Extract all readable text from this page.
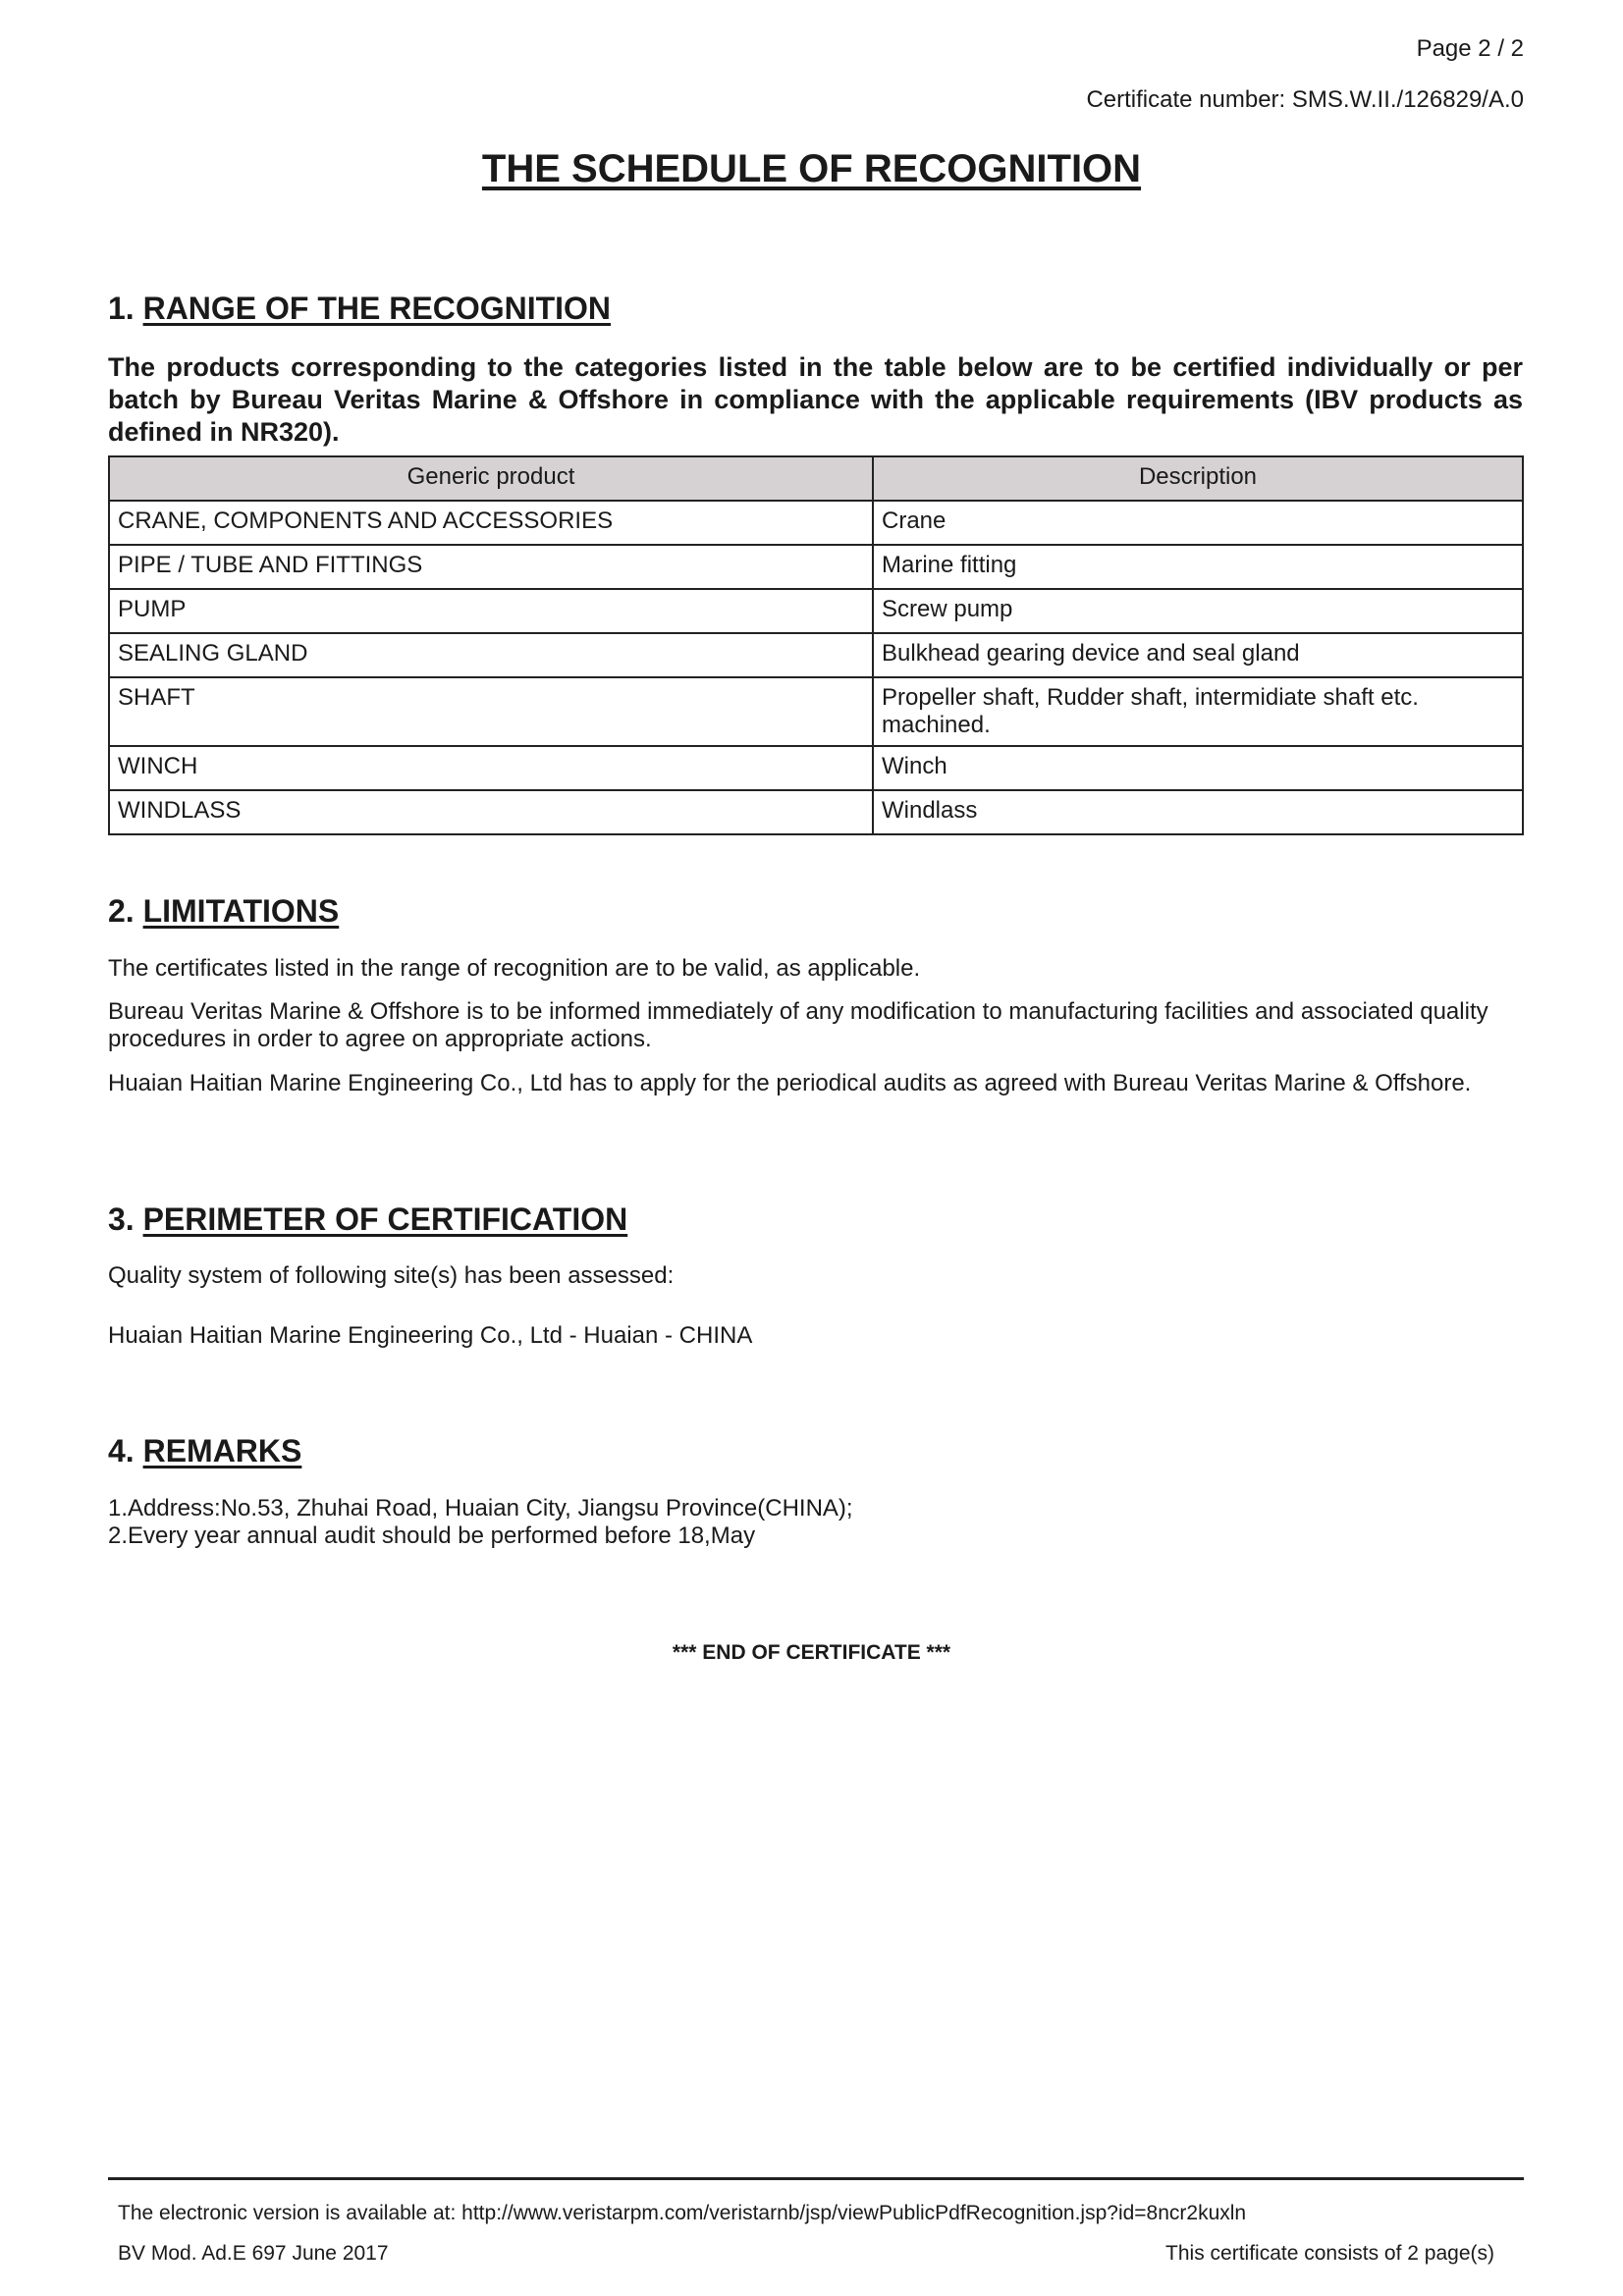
Page 2 / 2
Certificate number: SMS.W.II./126829/A.0
THE SCHEDULE OF RECOGNITION
1. RANGE OF THE RECOGNITION
The products corresponding to the categories listed in the table below are to be certified individually or per batch by Bureau Veritas Marine & Offshore in compliance with the applicable requirements (IBV products as defined in NR320).
Generic product	Description
CRANE, COMPONENTS AND ACCESSORIES	Crane
PIPE / TUBE AND FITTINGS	Marine fitting
PUMP	Screw pump
SEALING GLAND	Bulkhead gearing device and seal gland
SHAFT	Propeller shaft, Rudder shaft, intermidiate shaft etc. machined.
WINCH	Winch
WINDLASS	Windlass
2. LIMITATIONS
The certificates listed in the range of recognition are to be valid, as applicable.
Bureau Veritas Marine & Offshore is to be informed immediately of any modification to manufacturing facilities and associated quality procedures in order to agree on appropriate actions.
Huaian Haitian Marine Engineering Co., Ltd has to apply for the periodical audits as agreed with Bureau Veritas Marine & Offshore.
3. PERIMETER OF CERTIFICATION
Quality system of following site(s) has been assessed:
Huaian Haitian Marine Engineering Co., Ltd - Huaian - CHINA
4. REMARKS
1.Address:No.53, Zhuhai Road, Huaian City, Jiangsu Province(CHINA);
2.Every year annual audit should be performed before 18,May
*** END OF CERTIFICATE ***
The electronic version is available at: http://www.veristarpm.com/veristarnb/jsp/viewPublicPdfRecognition.jsp?id=8ncr2kuxln
BV Mod. Ad.E 697 June 2017	This certificate consists of 2 page(s)
